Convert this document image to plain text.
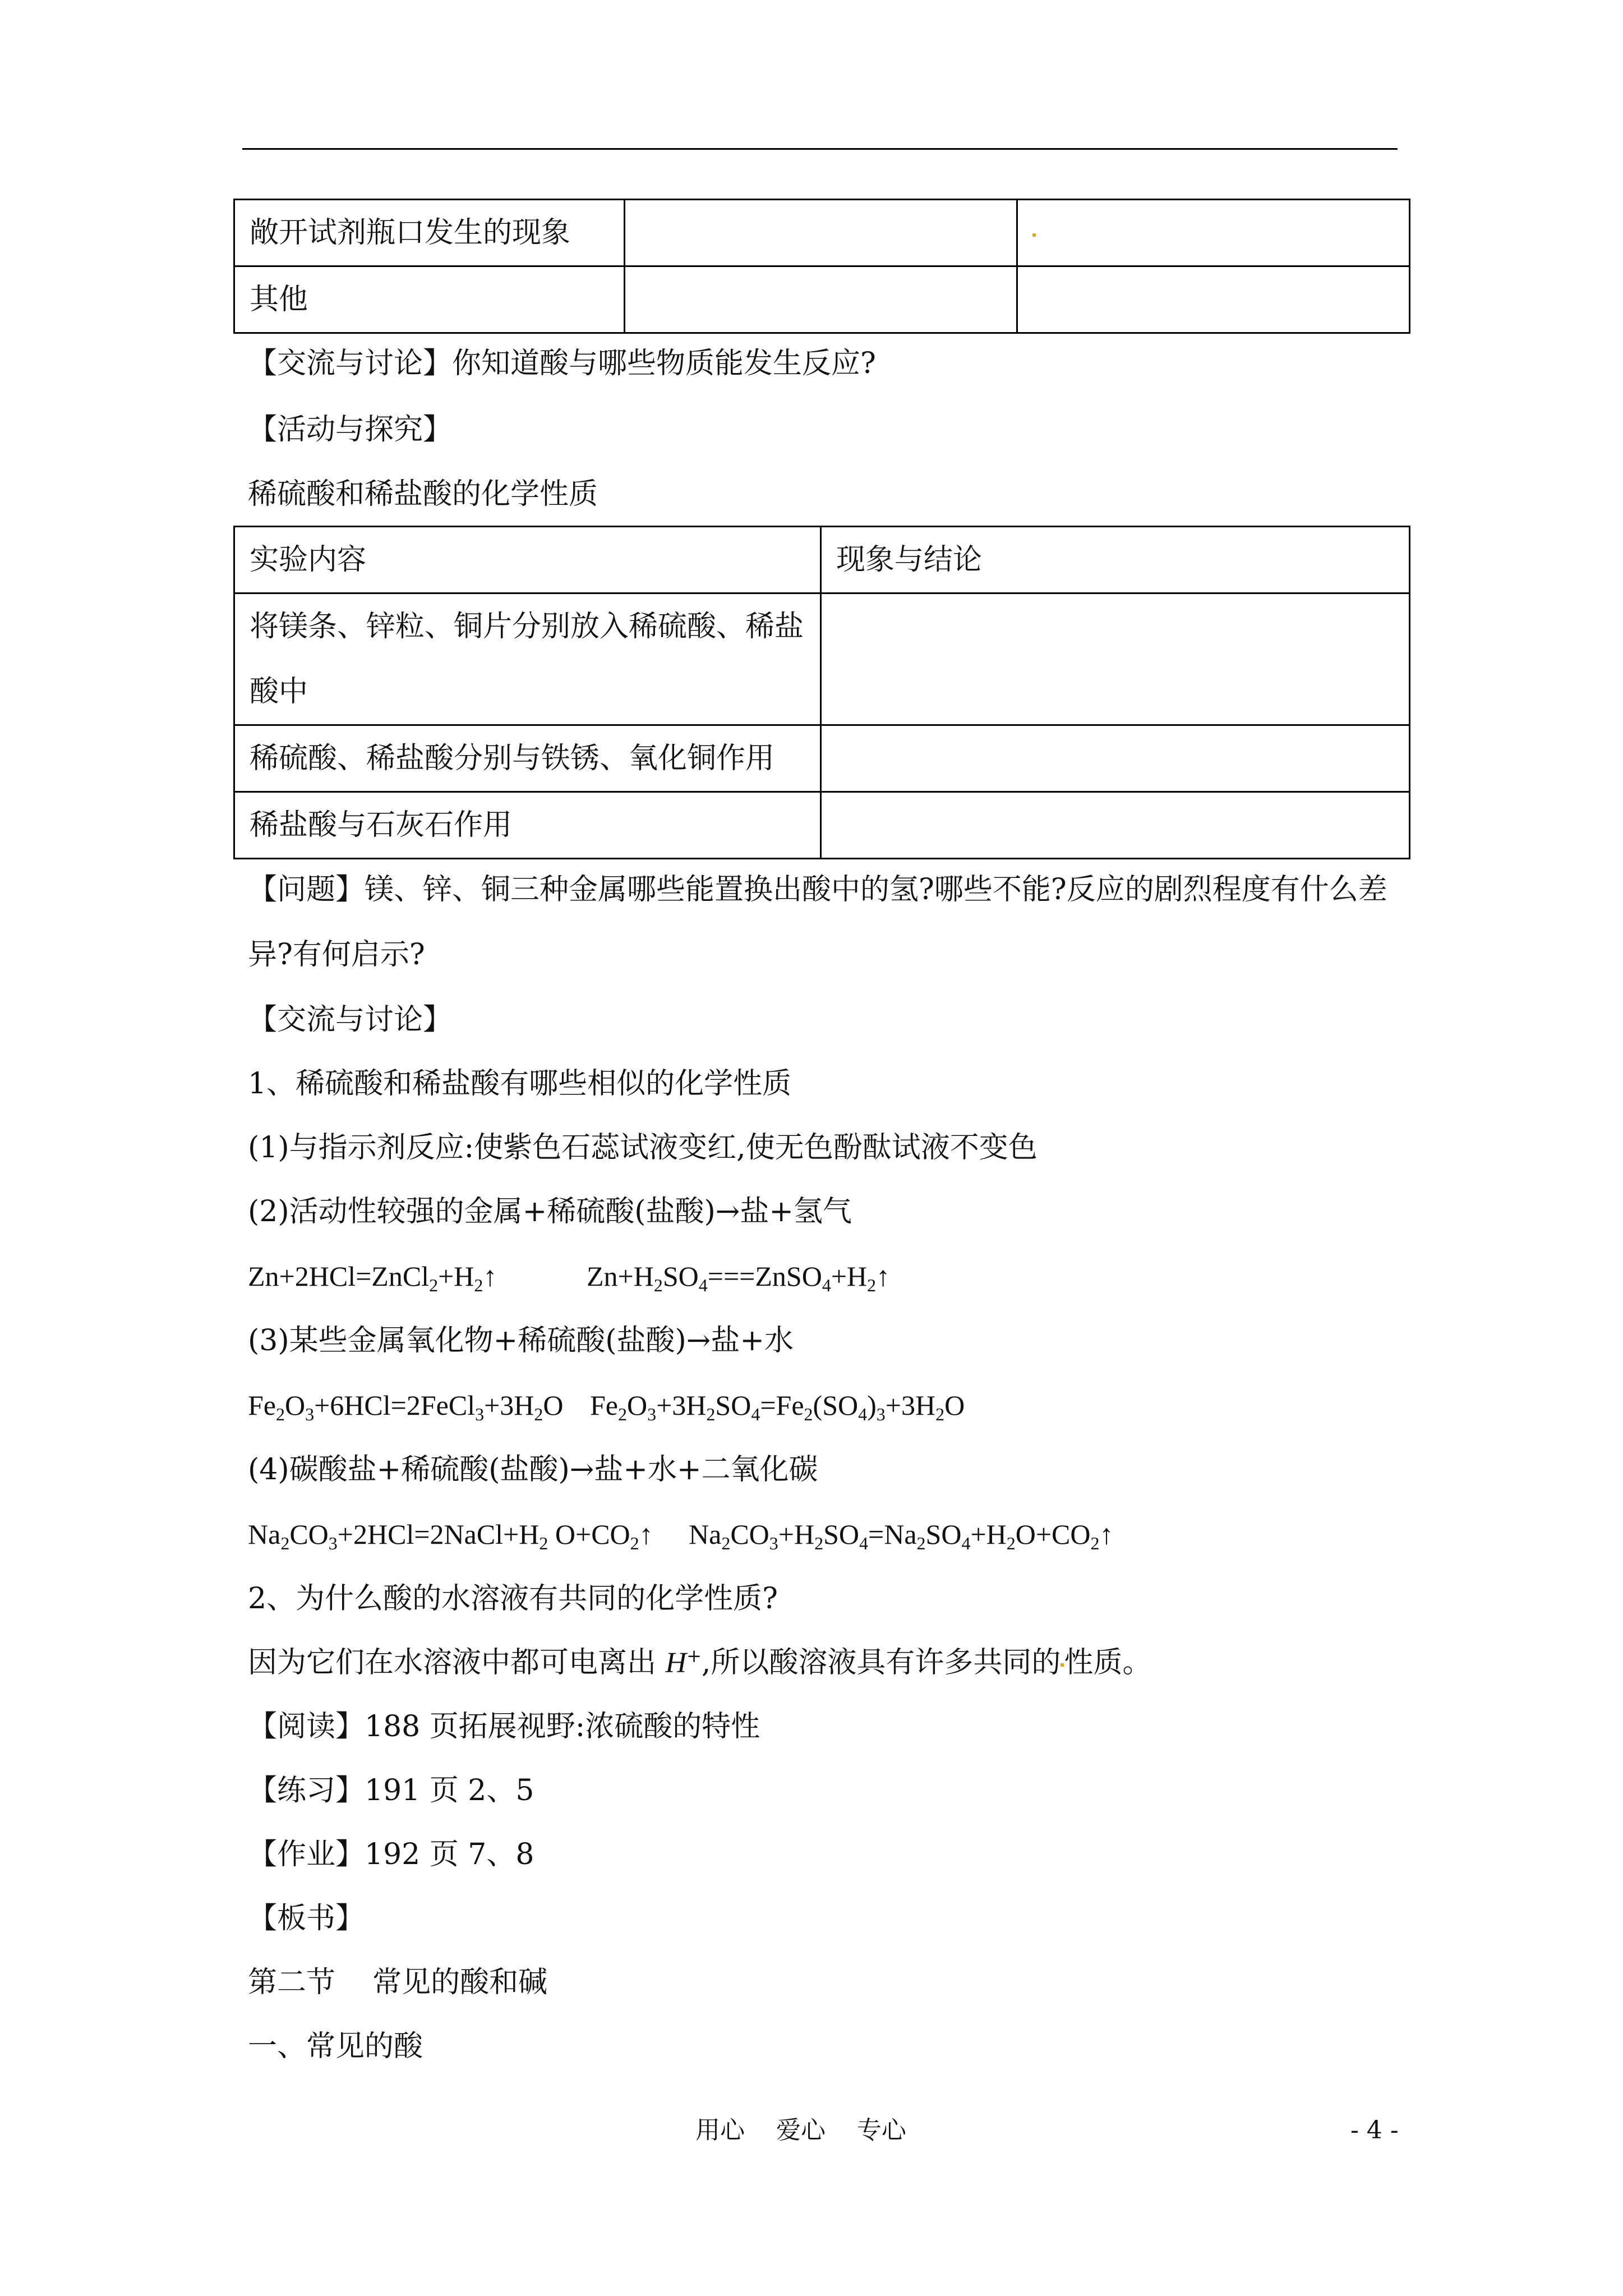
敞开试剂瓶口发生的现象		
其他		
【交流与讨论】你知道酸与哪些物质能发生反应?
【活动与探究】
稀硫酸和稀盐酸的化学性质
实验内容	现象与结论

将镁条、锌粒、铜片分别放入稀硫酸、稀盐
酸中	

稀硫酸、稀盐酸分别与铁锈、氧化铜作用	
稀盐酸与石灰石作用	
【问题】镁、锌、铜三种金属哪些能置换出酸中的氢?哪些不能?反应的剧烈程度有什么差
异?有何启示?
【交流与讨论】
1、稀硫酸和稀盐酸有哪些相似的化学性质
(1)与指示剂反应:使紫色石蕊试液变红,使无色酚酞试液不变色
(2)活动性较强的金属+稀硫酸(盐酸)→盐+氢气
$Zn+2HCl=ZnCl_2+H_2↑$	$Zn+H_2SO_4===ZnSO_4+H_2↑$
(3)某些金属氧化物+稀硫酸(盐酸)→盐+水
$Fe_2O_3+6HCl=2FeCl_3+3H_2O$ $Fe_2O_3+3H_2SO_4=Fe_2(SO_4)_3+3H_2O$
(4)碳酸盐+稀硫酸(盐酸)→盐+水+二氧化碳
$Na_2CO_3+2HCl=2NaCl+H_2$ $O+CO_2↑$ $Na_2CO_3+H_2SO_4=Na_2SO_4+H_2O+CO_2↑$
2、为什么酸的水溶液有共同的化学性质?
因为它们在水溶液中都可电离出 H+,所以酸溶液具有许多共同的 性质。
【阅读】188 页拓展视野:浓硫酸的特性
【练习】191 页 2、5
【作业】192 页 7、8
【板书】
第二节    常见的酸和碱
一、常见的酸
用心    爱心    专心	- 4 -
